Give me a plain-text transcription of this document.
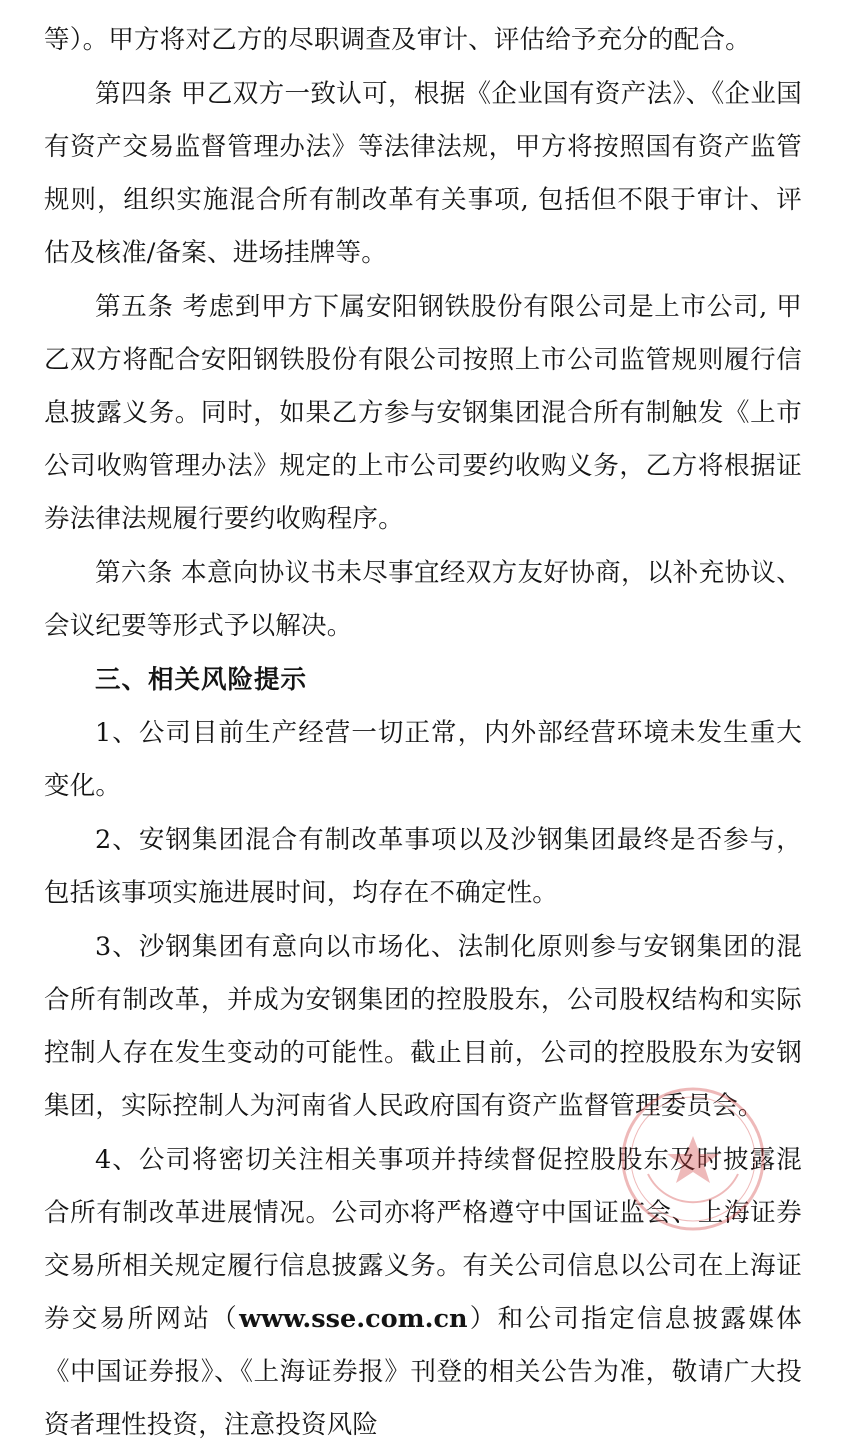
等）。甲方将对乙方的尽职调查及审计、评估给予充分的配合。

第四条 甲乙双方一致认可，根据《企业国有资产法》、《企业国有资产交易监督管理办法》等法律法规，甲方将按照国有资产监管规则，组织实施混合所有制改革有关事项, 包括但不限于审计、评估及核准/备案、进场挂牌等。

第五条 考虑到甲方下属安阳钢铁股份有限公司是上市公司, 甲乙双方将配合安阳钢铁股份有限公司按照上市公司监管规则履行信息披露义务。同时，如果乙方参与安钢集团混合所有制触发《上市公司收购管理办法》规定的上市公司要约收购义务，乙方将根据证券法律法规履行要约收购程序。

第六条 本意向协议书未尽事宜经双方友好协商，以补充协议、会议纪要等形式予以解决。

三、相关风险提示

1、公司目前生产经营一切正常，内外部经营环境未发生重大变化。

2、安钢集团混合有制改革事项以及沙钢集团最终是否参与，包括该事项实施进展时间，均存在不确定性。

3、沙钢集团有意向以市场化、法制化原则参与安钢集团的混合所有制改革，并成为安钢集团的控股股东，公司股权结构和实际控制人存在发生变动的可能性。截止目前，公司的控股股东为安钢集团，实际控制人为河南省人民政府国有资产监督管理委员会。

4、公司将密切关注相关事项并持续督促控股股东及时披露混合所有制改革进展情况。公司亦将严格遵守中国证监会、上海证券交易所相关规定履行信息披露义务。有关公司信息以公司在上海证券交易所网站（www.sse.com.cn）和公司指定信息披露媒体《中国证券报》、《上海证券报》刊登的相关公告为准，敬请广大投资者理性投资，注意投资风险
